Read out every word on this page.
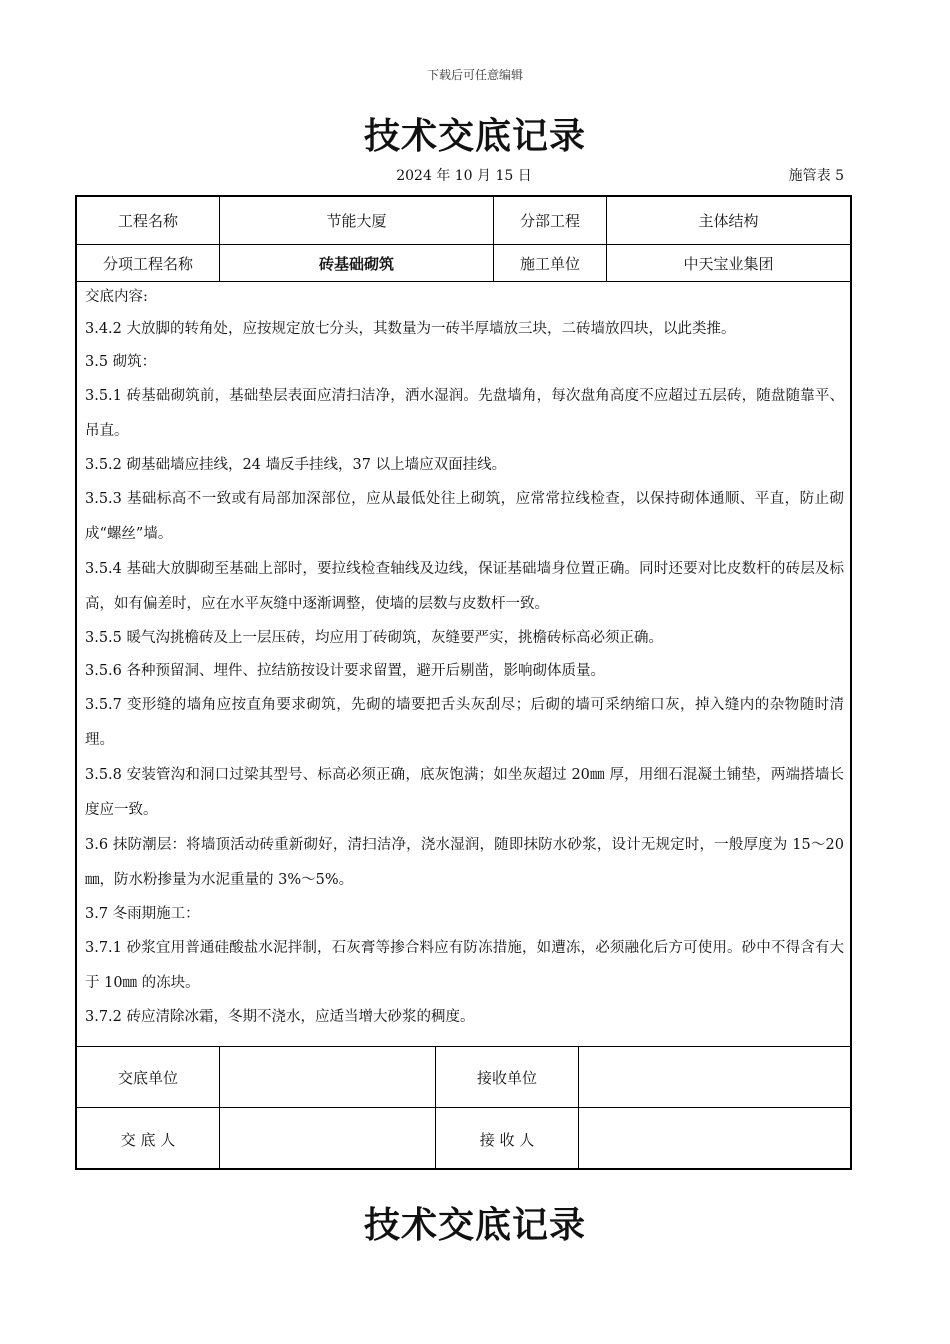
下载后可任意编辑
技术交底记录
2024 年 10 月 15 日	施管表 5
工程名称	节能大厦	分部工程	主体结构
分项工程名称	砖基础砌筑	施工单位	中天宝业集团
交底内容:
3.4.2 大放脚的转角处，应按规定放七分头，其数量为一砖半厚墙放三块，二砖墙放四块，以此类推。
3.5 砌筑：
3.5.1 砖基础砌筑前，基础垫层表面应清扫洁净，洒水湿润。先盘墙角，每次盘角高度不应超过五层砖，随盘随靠平、吊直。
3.5.2 砌基础墙应挂线，24 墙反手挂线，37 以上墙应双面挂线。
3.5.3 基础标高不一致或有局部加深部位，应从最低处往上砌筑，应常常拉线检查，以保持砌体通顺、平直，防止砌成“螺丝”墙。
3.5.4 基础大放脚砌至基础上部时，要拉线检查轴线及边线，保证基础墙身位置正确。同时还要对比皮数杆的砖层及标高，如有偏差时，应在水平灰缝中逐渐调整，使墙的层数与皮数杆一致。
3.5.5 暖气沟挑檐砖及上一层压砖，均应用丁砖砌筑，灰缝要严实，挑檐砖标高必须正确。
3.5.6 各种预留洞、埋件、拉结筋按设计要求留置，避开后剔凿，影响砌体质量。
3.5.7 变形缝的墙角应按直角要求砌筑，先砌的墙要把舌头灰刮尽；后砌的墙可采纳缩口灰，掉入缝内的杂物随时清理。
3.5.8 安装管沟和洞口过梁其型号、标高必须正确，底灰饱满；如坐灰超过 20㎜ 厚，用细石混凝土铺垫，两端搭墙长度应一致。
3.6 抹防潮层：将墙顶活动砖重新砌好，清扫洁净，浇水湿润，随即抹防水砂浆，设计无规定时，一般厚度为 15～20㎜，防水粉掺量为水泥重量的 3%～5%。
3.7 冬雨期施工：
3.7.1 砂浆宜用普通硅酸盐水泥拌制，石灰膏等掺合料应有防冻措施，如遭冻，必须融化后方可使用。砂中不得含有大于 10㎜ 的冻块。
3.7.2 砖应清除冰霜，冬期不浇水，应适当增大砂浆的稠度。
交底单位	接收单位
交 底 人	接 收 人
技术交底记录
